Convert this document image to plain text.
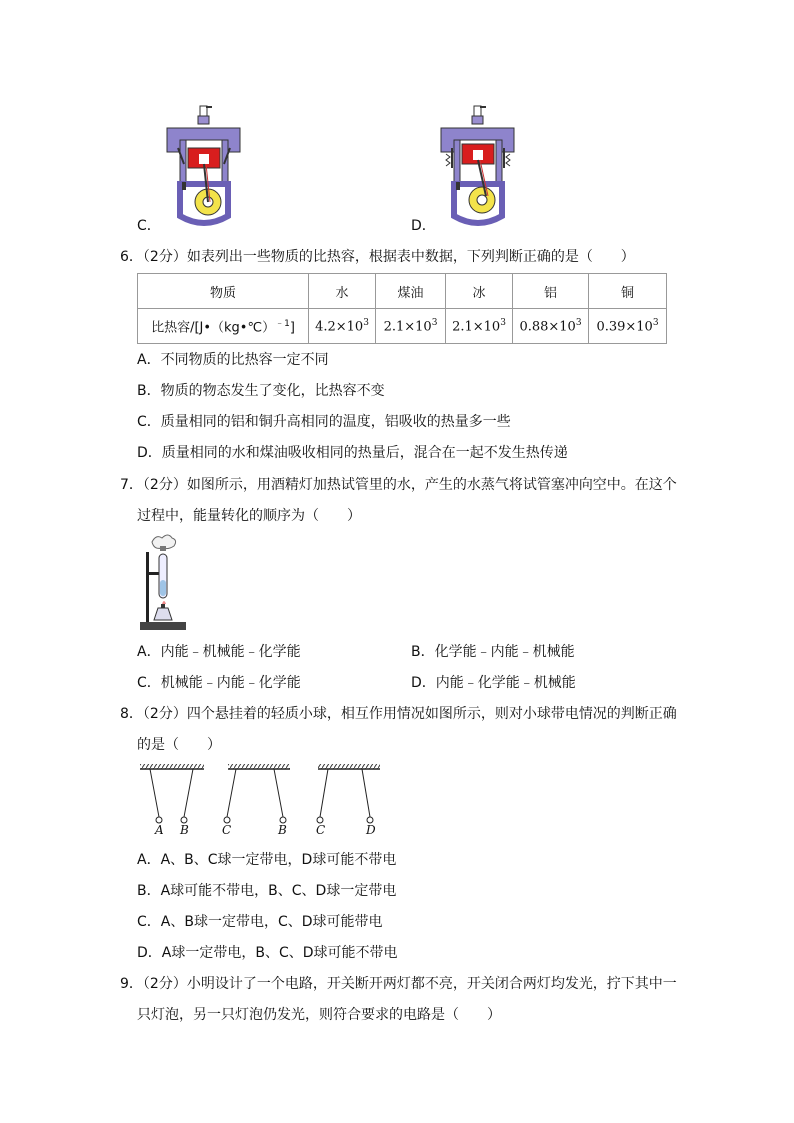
C．	D．
6．（2分）如表列出一些物质的比热容，根据表中数据，下列判断正确的是（　　）
物质	水	煤油	冰	铝	铜
比热容/[J•（kg•℃）$^{﹣1}$]	$4.2\times 10^3$	$2.1\times 10^3$	$2.1\times 10^3$	$0.88\times 10^3$	$0.39\times 10^3$
A．不同物质的比热容一定不同
B．物质的物态发生了变化，比热容不变
C．质量相同的铝和铜升高相同的温度，铝吸收的热量多一些
D．质量相同的水和煤油吸收相同的热量后，混合在一起不发生热传递
7．（2分）如图所示，用酒精灯加热试管里的水，产生的水蒸气将试管塞冲向空中。在这个
过程中，能量转化的顺序为（　　）
A．内能﹣机械能﹣化学能	B．化学能﹣内能﹣机械能
C．机械能﹣内能﹣化学能	D．内能﹣化学能﹣机械能
8．（2分）四个悬挂着的轻质小球，相互作用情况如图所示，则对小球带电情况的判断正确
的是（　　）
A B	C	B C	D
A．A、B、C球一定带电，D球可能不带电
B．A球可能不带电，B、C、D球一定带电
C．A、B球一定带电，C、D球可能带电
D．A球一定带电，B、C、D球可能不带电
9．（2分）小明设计了一个电路，开关断开两灯都不亮，开关闭合两灯均发光，拧下其中一
只灯泡，另一只灯泡仍发光，则符合要求的电路是（　　）
